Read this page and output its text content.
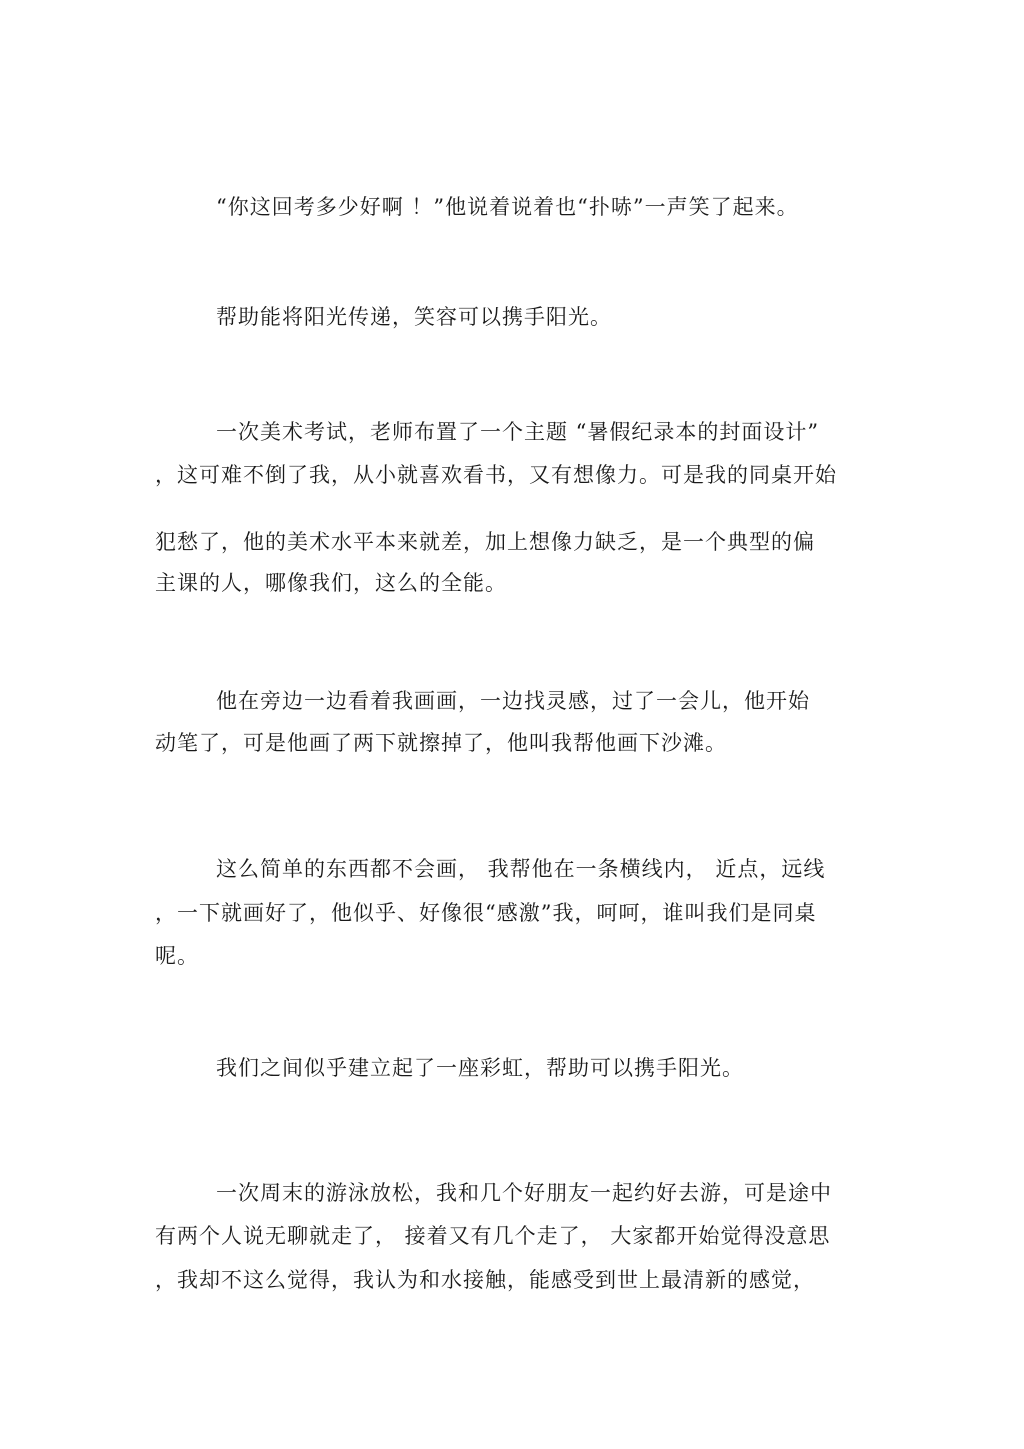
“你这回考多少好啊 ！”他说着说着也“扑哧”一声笑了起来。
帮助能将阳光传递，笑容可以携手阳光。
一次美术考试，老师布置了一个主题 “暑假纪录本的封面设计”
，这可难不倒了我，从小就喜欢看书，又有想像力。可是我的同桌开始
犯愁了，他的美术水平本来就差，加上想像力缺乏，是一个典型的偏
主课的人，哪像我们，这么的全能。
他在旁边一边看着我画画，一边找灵感，过了一会儿，他开始
动笔了，可是他画了两下就擦掉了，他叫我帮他画下沙滩。
这么简单的东西都不会画， 我帮他在一条横线内， 近点，远线
，一下就画好了，他似乎、好像很“感激”我，呵呵，谁叫我们是同桌
呢。
我们之间似乎建立起了一座彩虹，帮助可以携手阳光。
一次周末的游泳放松，我和几个好朋友一起约好去游，可是途中
有两个人说无聊就走了， 接着又有几个走了， 大家都开始觉得没意思
，我却不这么觉得，我认为和水接触，能感受到世上最清新的感觉，
